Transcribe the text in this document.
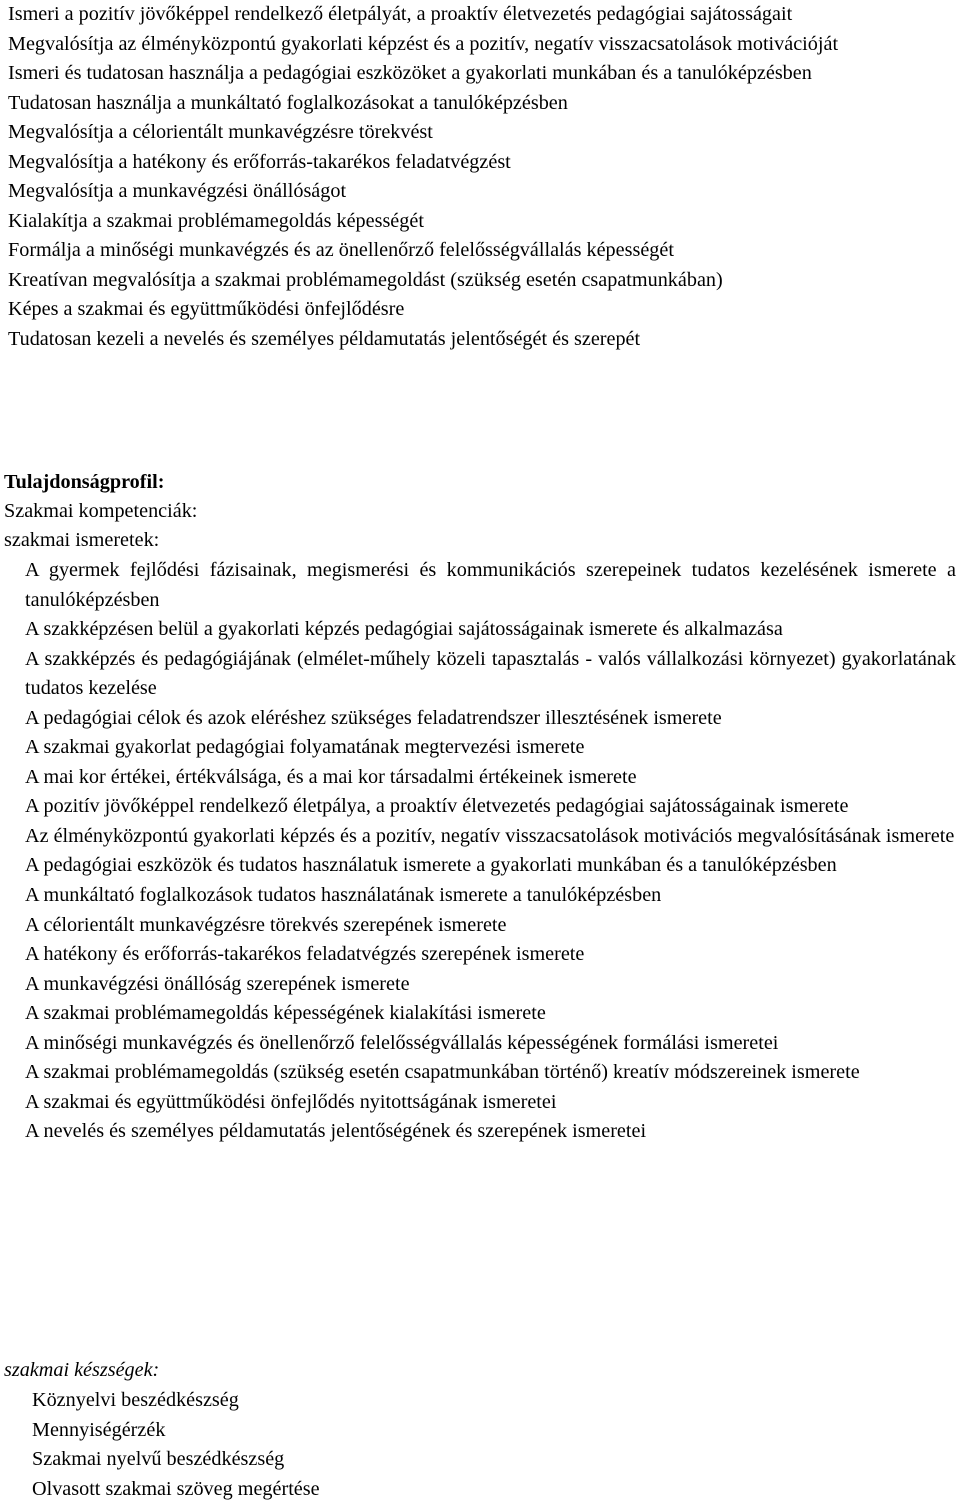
Ismeri a pozitív jövőképpel rendelkező életpályát, a proaktív életvezetés pedagógiai sajátosságait
Megvalósítja az élményközpontú gyakorlati képzést és a pozitív, negatív visszacsatolások motivációját
Ismeri és tudatosan használja a pedagógiai eszközöket a gyakorlati munkában és a tanulóképzésben
Tudatosan használja a munkáltató foglalkozásokat a tanulóképzésben
Megvalósítja a célorientált munkavégzésre törekvést
Megvalósítja a hatékony és erőforrás-takarékos feladatvégzést
Megvalósítja a munkavégzési önállóságot
Kialakítja a szakmai problémamegoldás képességét
Formálja a minőségi munkavégzés és az önellenőrző felelősségvállalás képességét
Kreatívan megvalósítja a szakmai problémamegoldást (szükség esetén csapatmunkában)
Képes a szakmai és együttműködési önfejlődésre
Tudatosan kezeli a nevelés és személyes példamutatás jelentőségét és szerepét
Tulajdonságprofil:
Szakmai kompetenciák:
szakmai ismeretek:
A gyermek fejlődési fázisainak, megismerési és kommunikációs szerepeinek tudatos kezelésének ismerete a tanulóképzésben
A szakképzésen belül a gyakorlati képzés pedagógiai sajátosságainak ismerete és alkalmazása
A szakképzés és pedagógiájának (elmélet-műhely közeli tapasztalás - valós vállalkozási környezet) gyakorlatának tudatos kezelése
A pedagógiai célok és azok eléréshez szükséges feladatrendszer illesztésének ismerete
A szakmai gyakorlat pedagógiai folyamatának megtervezési ismerete
A mai kor értékei, értékválsága, és a mai kor társadalmi értékeinek ismerete
A pozitív jövőképpel rendelkező életpálya, a proaktív életvezetés pedagógiai sajátosságainak ismerete
Az élményközpontú gyakorlati képzés és a pozitív, negatív visszacsatolások motivációs megvalósításának ismerete
A pedagógiai eszközök és tudatos használatuk ismerete a gyakorlati munkában és a tanulóképzésben
A munkáltató foglalkozások tudatos használatának ismerete a tanulóképzésben
A célorientált munkavégzésre törekvés szerepének ismerete
A hatékony és erőforrás-takarékos feladatvégzés szerepének ismerete
A munkavégzési önállóság szerepének ismerete
A szakmai problémamegoldás képességének kialakítási ismerete
A minőségi munkavégzés és önellenőrző felelősségvállalás képességének formálási ismeretei
A szakmai problémamegoldás (szükség esetén csapatmunkában történő) kreatív módszereinek ismerete
A szakmai és együttműködési önfejlődés nyitottságának ismeretei
A nevelés és személyes példamutatás jelentőségének és szerepének ismeretei
szakmai készségek:
Köznyelvi beszédkészség
Mennyiségérzék
Szakmai nyelvű beszédkészség
Olvasott szakmai szöveg megértése
